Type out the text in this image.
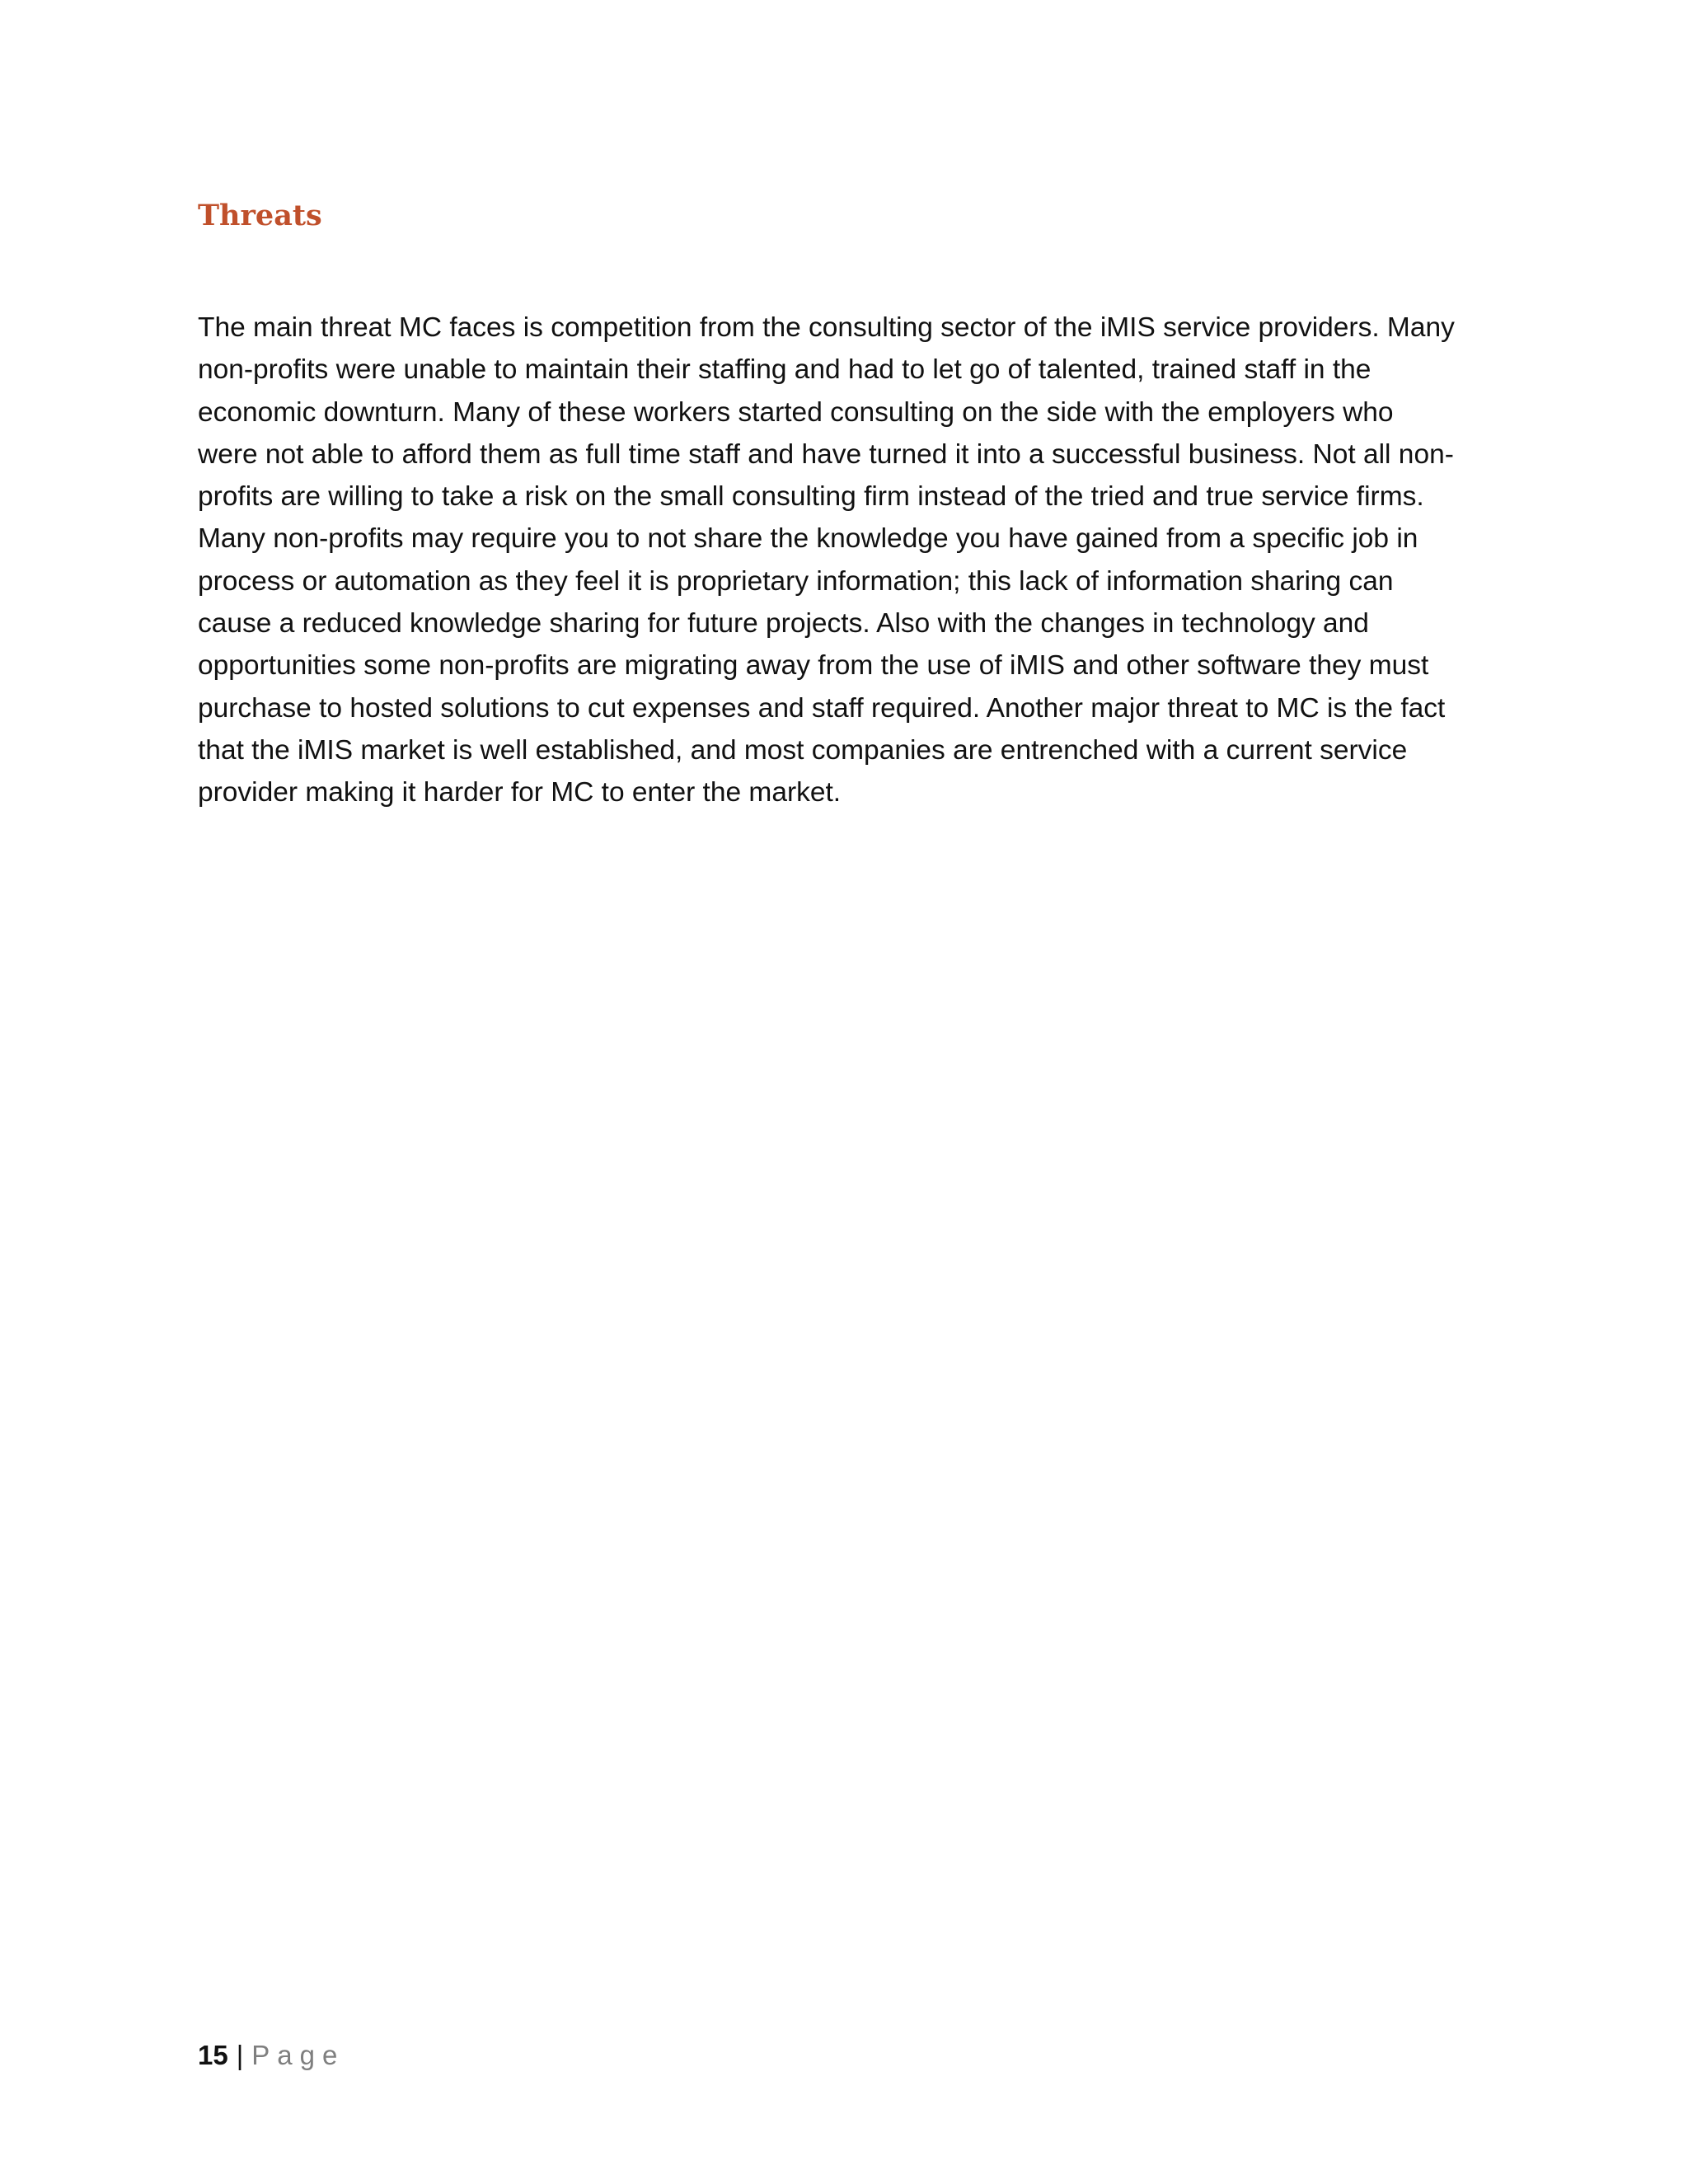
Threats

The main threat MC faces is competition from the consulting sector of the iMIS service providers. Many
non-profits were unable to maintain their staffing and had to let go of talented, trained staff in the
economic downturn. Many of these workers started consulting on the side with the employers who
were not able to afford them as full time staff and have turned it into a successful business. Not all non-
profits are willing to take a risk on the small consulting firm instead of the tried and true service firms.
Many non-profits may require you to not share the knowledge you have gained from a specific job in
process or automation as they feel it is proprietary information; this lack of information sharing can
cause a reduced knowledge sharing for future projects. Also with the changes in technology and
opportunities some non-profits are migrating away from the use of iMIS and other software they must
purchase to hosted solutions to cut expenses and staff required. Another major threat to MC is the fact
that the iMIS market is well established, and most companies are entrenched with a current service
provider making it harder for MC to enter the market.

15 | Page
